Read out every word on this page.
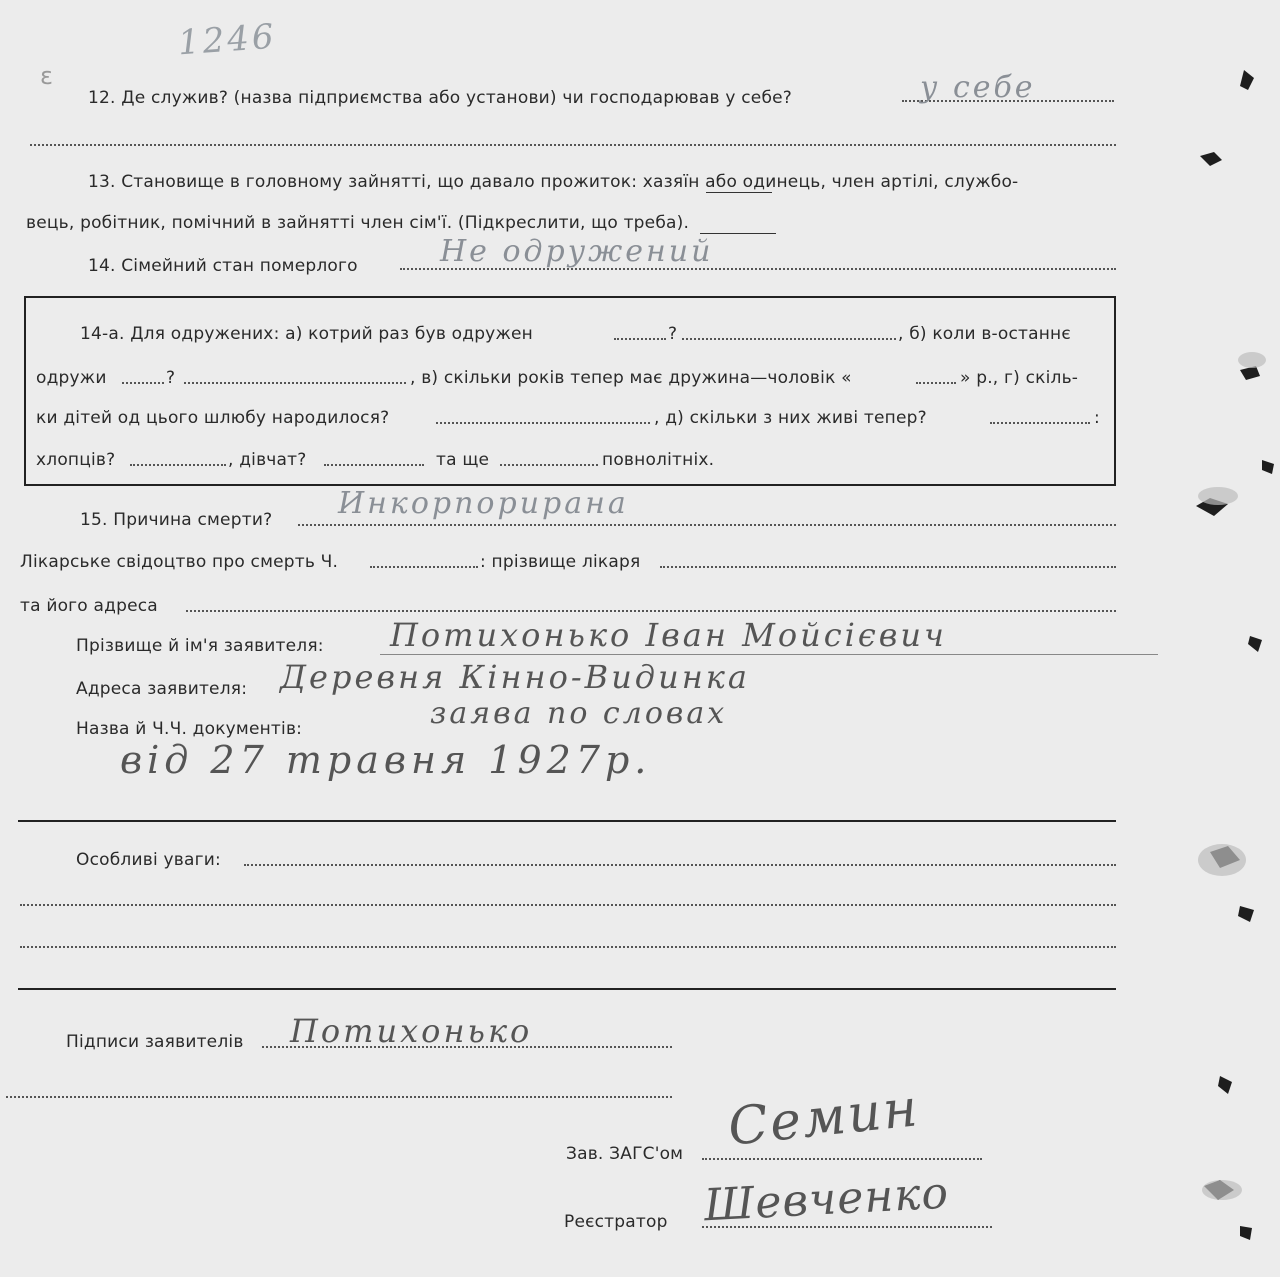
1246
ɛ
12. Де служив? (назва підприємства або установи) чи господарював у себе?	у себе
13. Становище в головному зайнятті, що давало прожиток: хазяїн або одинець, член артілі, службо-
вець, робітник, помічний в зайнятті член сім'ї. (Підкреслити, що треба).
14. Сімейний стан померлого	Не одружений
14-а. Для одружених: а) котрий раз був одружен	?	, б) коли в-останнє
одружи	?	, в) скільки років тепер має дружина—чоловік «	» р., г) скіль-
ки дітей од цього шлюбу народилося?	, д) скільки з них живі тепер?	:
хлопців?	, дівчат?	та ще	повнолітніх.
15. Причина смерти? Инкорпорирана
Лікарське свідоцтво про смерть Ч.	: прізвище лікаря
та його адреса
Прізвище й ім'я заявителя: Потихонько Іван Мойсієвич
Адреса заявителя: Деревня Кінно-Видинка
Назва й Ч.Ч. документів:	заява по словах
від 27 травня 1927р.
Особливі уваги:
Підписи заявителів Потихонько
Зав. ЗАГС'ом Семин
Реєстратор Шевченко
